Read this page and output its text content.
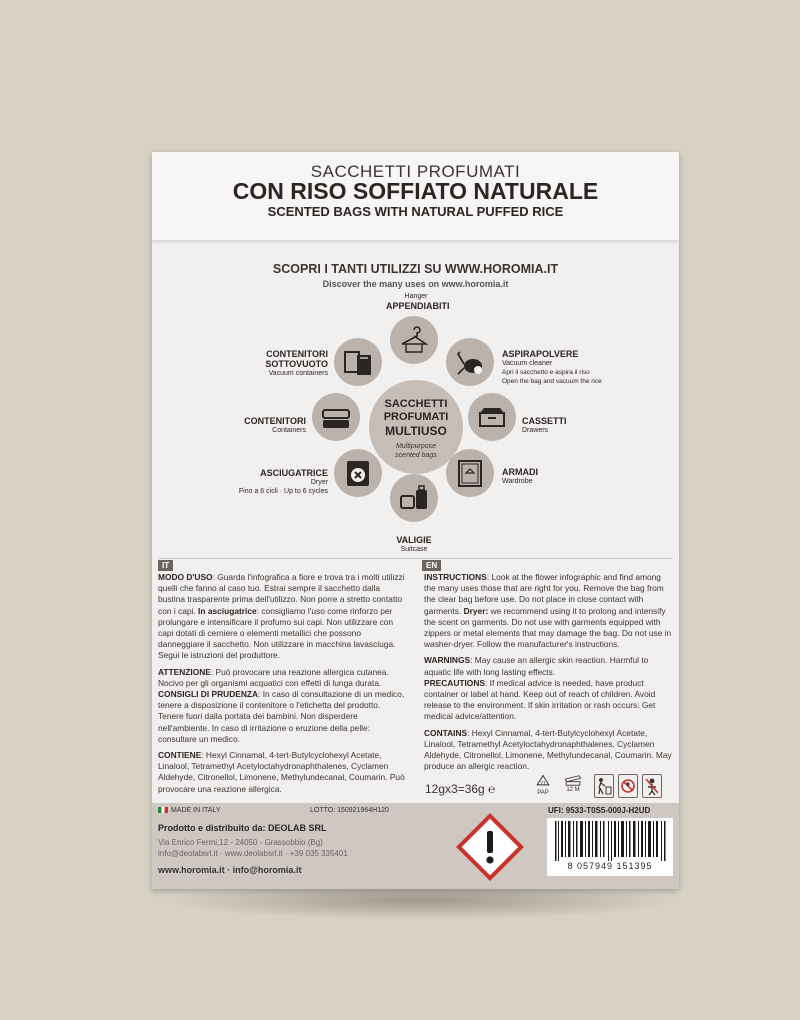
SACCHETTI PROFUMATI
CON RISO SOFFIATO NATURALE
SCENTED BAGS WITH NATURAL PUFFED RICE
SCOPRI I TANTI UTILIZZI SU WWW.HOROMIA.IT
Discover the many uses on www.horomia.it
SACCHETTI
PROFUMATI
MULTIUSO
Multipurpose
scented bags
Hanger
APPENDIABITI
ASPIRAPOLVERE
Vacuum cleaner
Apri il sacchetto e aspira il riso
Open the bag and vacuum the rice
CASSETTI
Drawers
ARMADI
Wardrobe
VALIGIE
Suitcase
ASCIUGATRICE
Dryer
Fino a 6 cicli · Up to 6 cycles
CONTENITORI
Containers
CONTENITORI
SOTTOVUOTO
Vacuum containers
IT	EN

MODO D'USO: Guarda l'infografica a fiore e trova tra i molti utilizzi quelli che fanno al caso tuo. Estrai sempre il sacchetto dalla bustina trasparente prima dell'utilizzo. Non porre a stretto contatto con i capi. In asciugatrice: consigliamo l'uso come rinforzo per prolungare e intensificare il profumo sui capi. Non utilizzare con capi dotati di cerniere o elementi metallici che possono danneggiare il sacchetto. Non utilizzare in macchina lavasciuga. Segui le istruzioni del produttore.

ATTENZIONE: Può provocare una reazione allergica cutanea. Nocivo per gli organismi acquatici con effetti di lunga durata.

CONSIGLI DI PRUDENZA: In caso di consultazione di un medico, tenere a disposizione il contenitore o l'etichetta del prodotto. Tenere fuori dalla portata dei bambini. Non disperdere nell'ambiente. In caso di irritazione o eruzione della pelle: consultare un medico.

CONTIENE: Hexyl Cinnamal, 4-tert-Butylcyclohexyl Acetate, Linalool, Tetramethyl Acetyloctahydronaphthalenes, Cyclamen Aldehyde, Citronellol, Limonene, Methylundecanal, Coumarin. Può provocare una reazione allergica.

INSTRUCTIONS: Look at the flower infographic and find among the many uses those that are right for you. Remove the bag from the clear bag before use. Do not place in close contact with garments. Dryer: we recommend using it to prolong and intensify the scent on garments. Do not use with garments equipped with zippers or metal elements that may damage the bag. Do not use in washer-dryer. Follow the manufacturer's instructions.

WARNINGS: May cause an allergic skin reaction. Harmful to aquatic life with long lasting effects.

PRECAUTIONS: If medical advice is needed, have product container or label at hand. Keep out of reach of children. Avoid release to the environment. If skin irritation or rash occurs: Get medical advice/attention.

CONTAINS: Hexyl Cinnamal, 4-tert-Butylcyclohexyl Acetate, Linalool, Tetramethyl Acetyloctahydronaphthalenes, Cyclamen Aldehyde, Citronellol, Limonene, Methylundecanal, Coumarin. May produce an allergic reaction.

12gx3=36g ℮	21
PAP	12 M
MADE IN ITALY	LOTTO: 150921964H120	UFI: 9533-T0S5-000J-H2UD
Prodotto e distribuito da: DEOLAB SRL
Via Enrico Fermi,12 - 24050 - Grassobbio (Bg)
info@deolabsrl.it · www.deolabsrl.it · +39 035 335401
www.horomia.it · info@horomia.it	8 057949 151395
